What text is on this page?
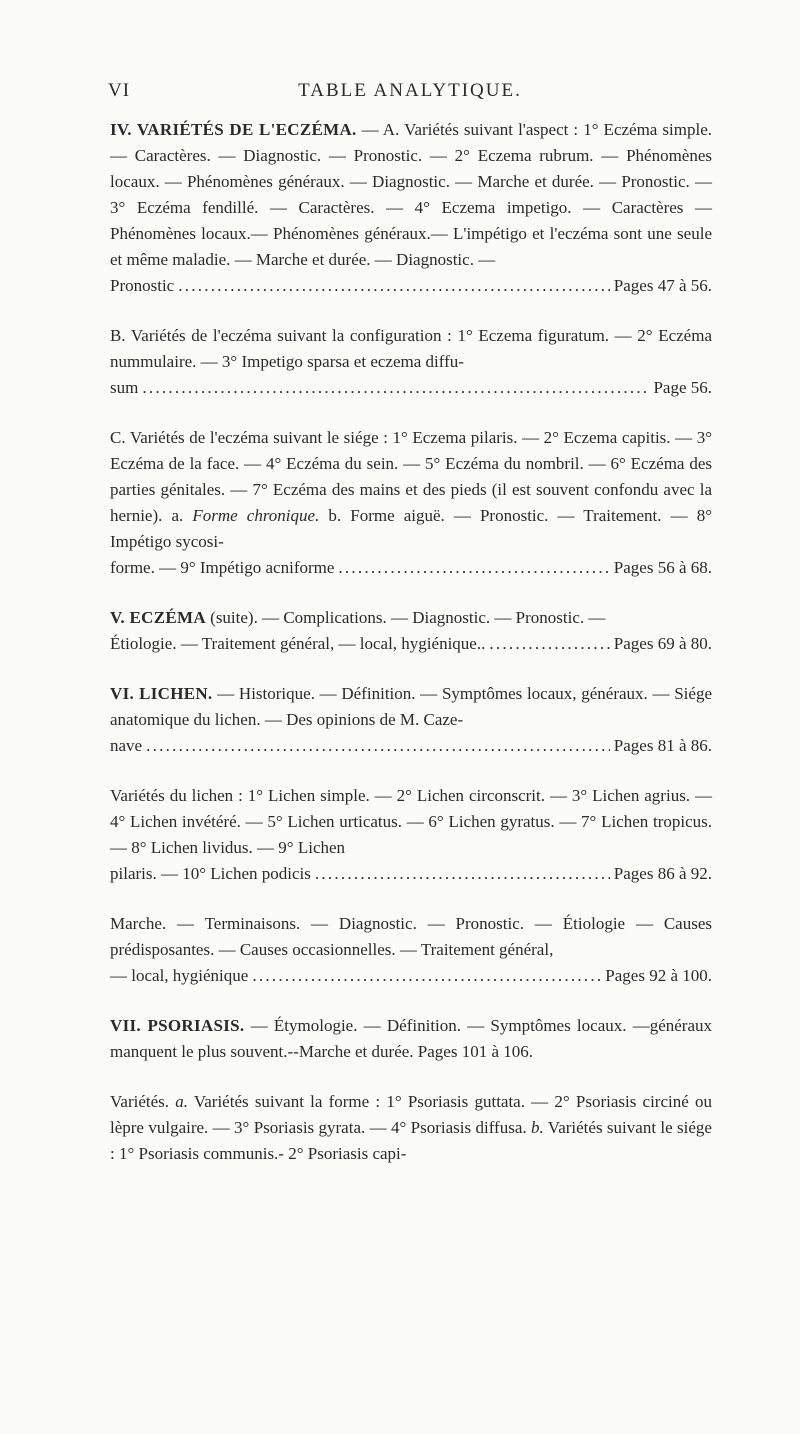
VI	TABLE ANALYTIQUE.

IV. VARIÉTÉS DE L'ECZÉMA. — A. Variétés suivant l'aspect : 1° Eczéma simple. — Caractères. — Diagnostic. — Pronostic. — 2° Eczema rubrum. — Phénomènes locaux. — Phénomènes généraux. — Diagnostic. — Marche et durée. — Pronostic. — 3° Eczéma fendillé. — Caractères. — 4° Eczema impetigo. — Caractères — Phénomènes locaux.— Phénomènes généraux.— L'impétigo et l'eczéma sont une seule et même maladie. — Marche et durée. — Diagnostic. —

Pronostic . . .	Pages 47 à 56.

B. Variétés de l'eczéma suivant la configuration : 1° Eczema figuratum. — 2° Eczéma nummulaire. — 3° Impetigo sparsa et eczema diffu-

sum . . .	Page 56.

C. Variétés de l'eczéma suivant le siége : 1° Eczema pilaris. — 2° Eczema capitis. — 3° Eczéma de la face. — 4° Eczéma du sein. — 5° Eczéma du nombril. — 6° Eczéma des parties génitales. — 7° Eczéma des mains et des pieds (il est souvent confondu avec la hernie). a. Forme chronique. b. Forme aiguë. — Pronostic. — Traitement. — 8° Impétigo sycosi-

forme. — 9° Impétigo acniforme . . .	Pages 56 à 68.

V. ECZÉMA (suite). — Complications. — Diagnostic. — Pronostic. —

Étiologie. — Traitement général, — local, hygiénique.. . . .	Pages 69 à 80.

VI. LICHEN. — Historique. — Définition. — Symptômes locaux, généraux. — Siége anatomique du lichen. — Des opinions de M. Caze-

nave . . .	Pages 81 à 86.

Variétés du lichen : 1° Lichen simple. — 2° Lichen circonscrit. — 3° Lichen agrius. — 4° Lichen invétéré. — 5° Lichen urticatus. — 6° Lichen gyratus. — 7° Lichen tropicus. — 8° Lichen lividus. — 9° Lichen

pilaris. — 10° Lichen podicis . . .	Pages 86 à 92.

Marche. — Terminaisons. — Diagnostic. — Pronostic. — Étiologie — Causes prédisposantes. — Causes occasionnelles. — Traitement général,

— local, hygiénique . . .	Pages 92 à 100.

VII. PSORIASIS. — Étymologie. — Définition. — Symptômes locaux. —généraux manquent le plus souvent.--Marche et durée. Pages 101 à 106.

Variétés. a. Variétés suivant la forme : 1° Psoriasis guttata. — 2° Psoriasis circiné ou lèpre vulgaire. — 3° Psoriasis gyrata. — 4° Psoriasis diffusa. b. Variétés suivant le siége : 1° Psoriasis communis.- 2° Psoriasis capi-
